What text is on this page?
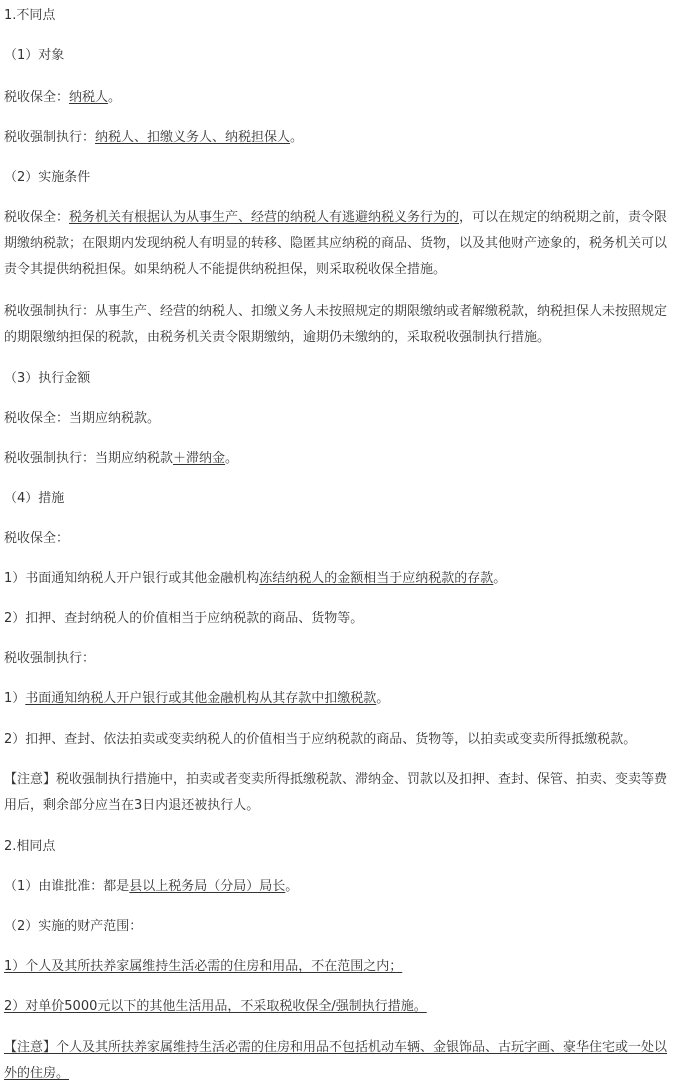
1.不同点
（1）对象
税收保全：纳税人。
税收强制执行：纳税人、扣缴义务人、纳税担保人。
（2）实施条件
税收保全：税务机关有根据认为从事生产、经营的纳税人有逃避纳税义务行为的，可以在规定的纳税期之前，责令限
期缴纳税款；在限期内发现纳税人有明显的转移、隐匿其应纳税的商品、货物，以及其他财产迹象的，税务机关可以
责令其提供纳税担保。如果纳税人不能提供纳税担保，则采取税收保全措施。
税收强制执行：从事生产、经营的纳税人、扣缴义务人未按照规定的期限缴纳或者解缴税款，纳税担保人未按照规定
的期限缴纳担保的税款，由税务机关责令限期缴纳，逾期仍未缴纳的，采取税收强制执行措施。
（3）执行金额
税收保全：当期应纳税款。
税收强制执行：当期应纳税款＋滞纳金。
（4）措施
税收保全：
1）书面通知纳税人开户银行或其他金融机构冻结纳税人的金额相当于应纳税款的存款。
2）扣押、查封纳税人的价值相当于应纳税款的商品、货物等。
税收强制执行：
1）书面通知纳税人开户银行或其他金融机构从其存款中扣缴税款。
2）扣押、查封、依法拍卖或变卖纳税人的价值相当于应纳税款的商品、货物等，以拍卖或变卖所得抵缴税款。
【注意】税收强制执行措施中，拍卖或者变卖所得抵缴税款、滞纳金、罚款以及扣押、查封、保管、拍卖、变卖等费
用后，剩余部分应当在3日内退还被执行人。
2.相同点
（1）由谁批准：都是县以上税务局（分局）局长。
（2）实施的财产范围：
1）个人及其所扶养家属维持生活必需的住房和用品，不在范围之内；
2）对单价5000元以下的其他生活用品，不采取税收保全/强制执行措施。
【注意】个人及其所扶养家属维持生活必需的住房和用品不包括机动车辆、金银饰品、古玩字画、豪华住宅或一处以
外的住房。
